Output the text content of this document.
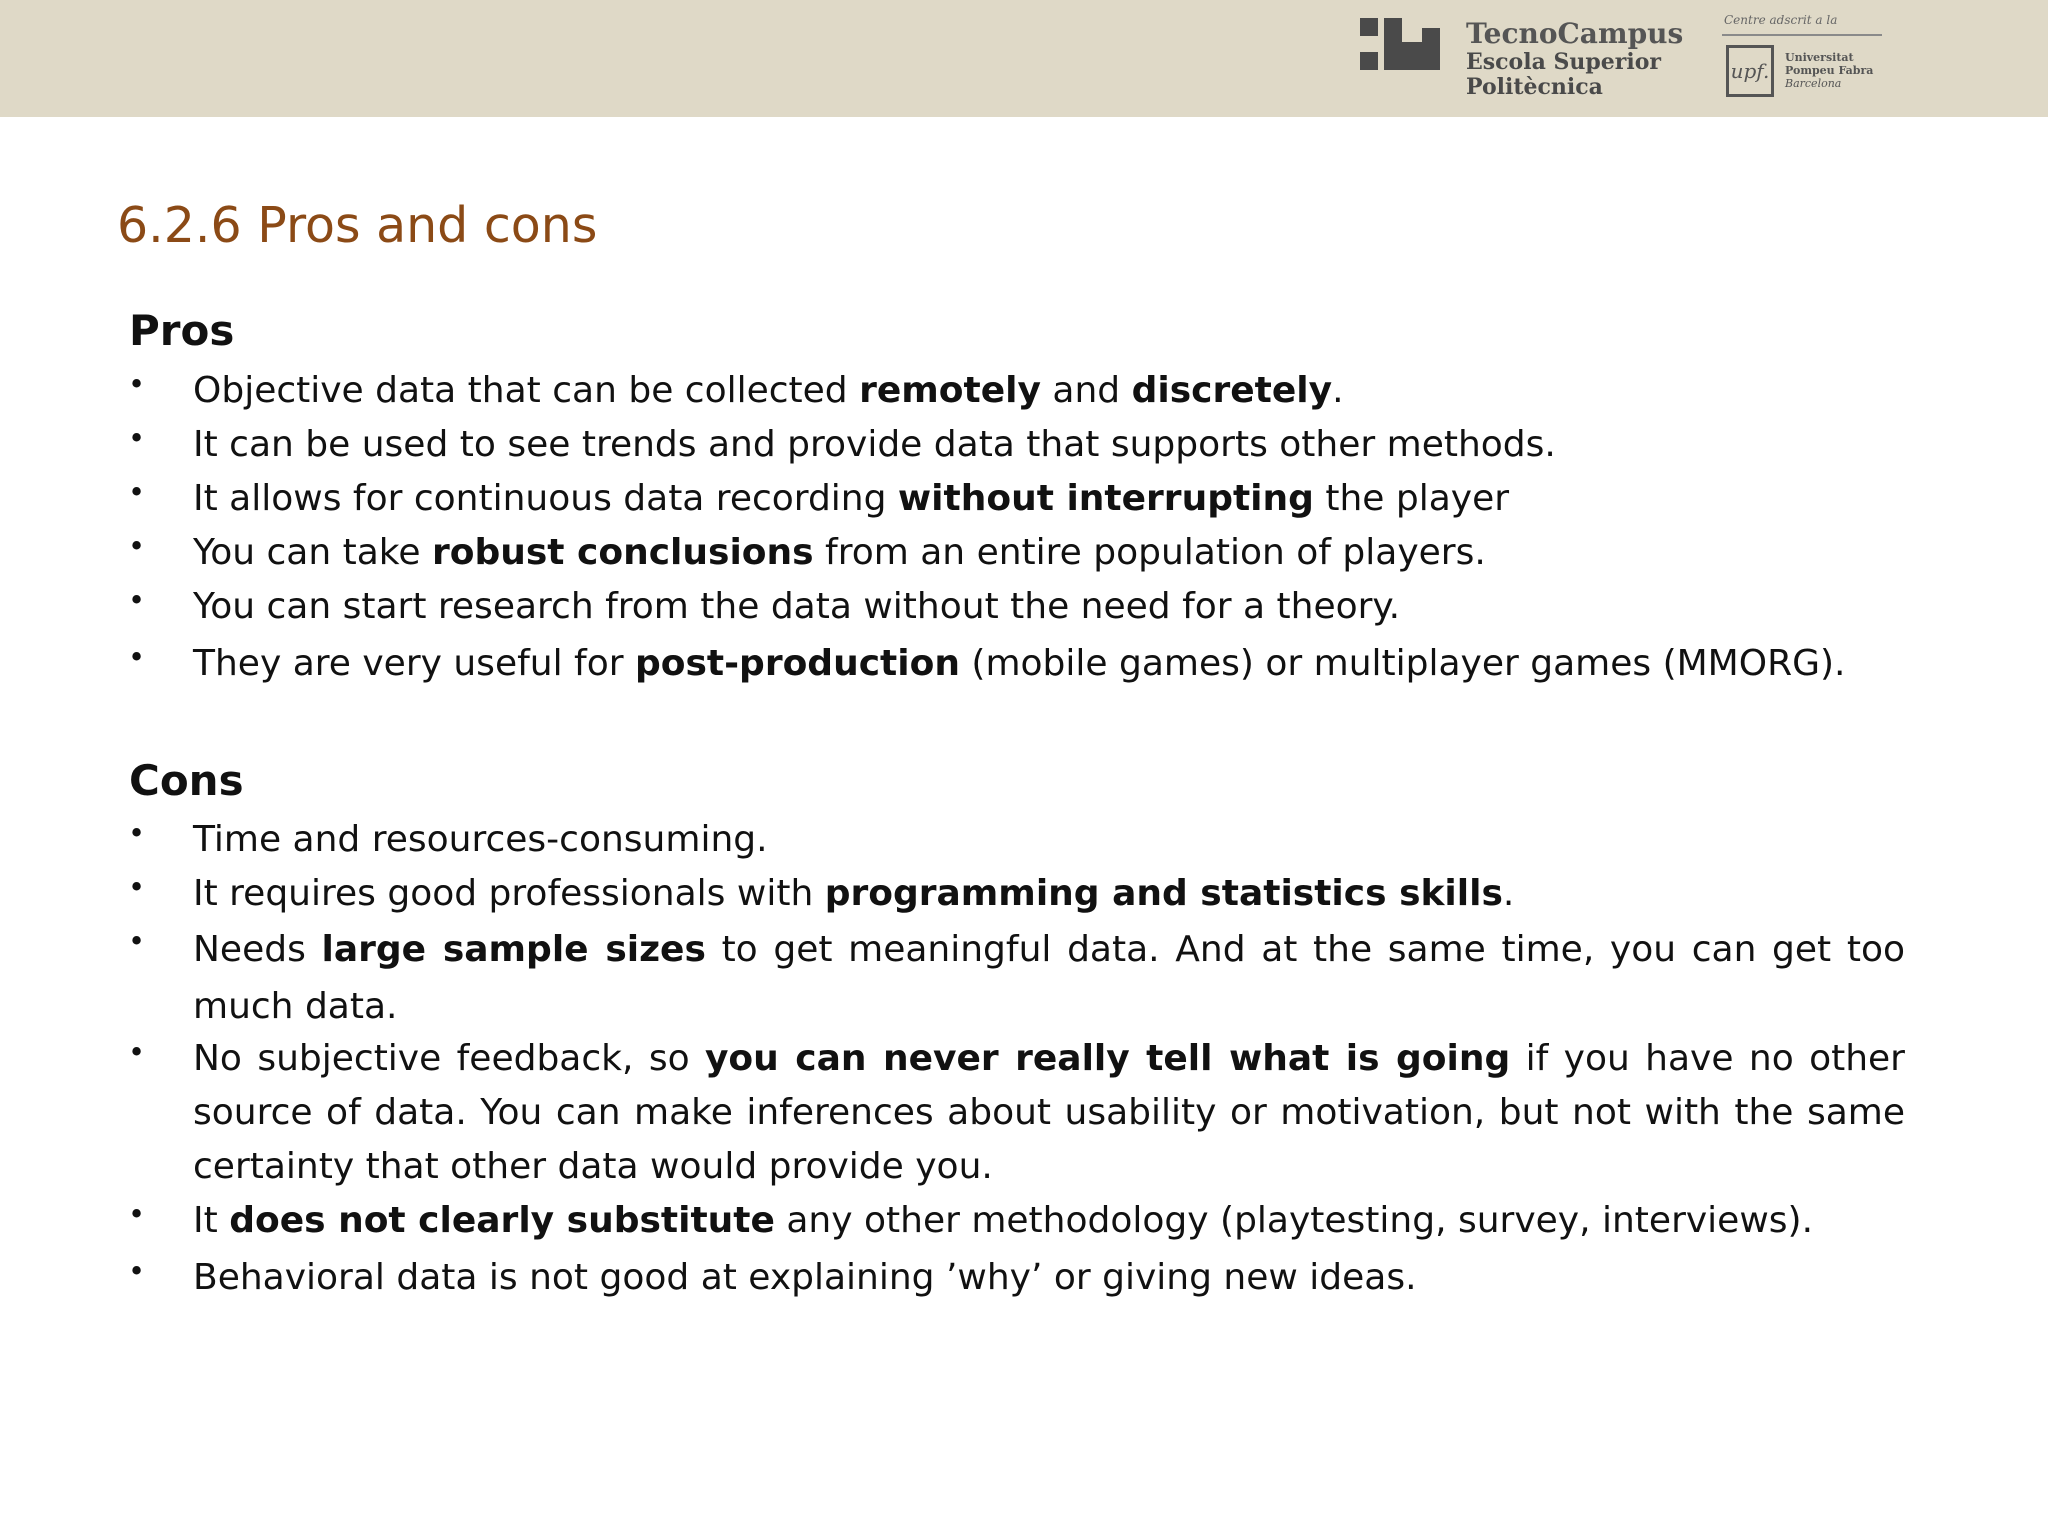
TecnoCampus
Escola Superior
Politècnica
Centre adscrit a la
upf.
Universitat
Pompeu Fabra
Barcelona
6.2.6 Pros and cons
Pros
• Objective data that can be collected remotely and discretely.
• It can be used to see trends and provide data that supports other methods.
• It allows for continuous data recording without interrupting the player
• You can take robust conclusions from an entire population of players.
• You can start research from the data without the need for a theory.
• They are very useful for post-production (mobile games) or multiplayer games (MMORG).
Cons
• Time and resources-consuming.
• It requires good professionals with programming and statistics skills.
• Needs large sample sizes to get meaningful data. And at the same time, you can get too much data.
• No subjective feedback, so you can never really tell what is going if you have no other source of data. You can make inferences about usability or motivation, but not with the same certainty that other data would provide you.
• It does not clearly substitute any other methodology (playtesting, survey, interviews).
• Behavioral data is not good at explaining ’why’ or giving new ideas.
